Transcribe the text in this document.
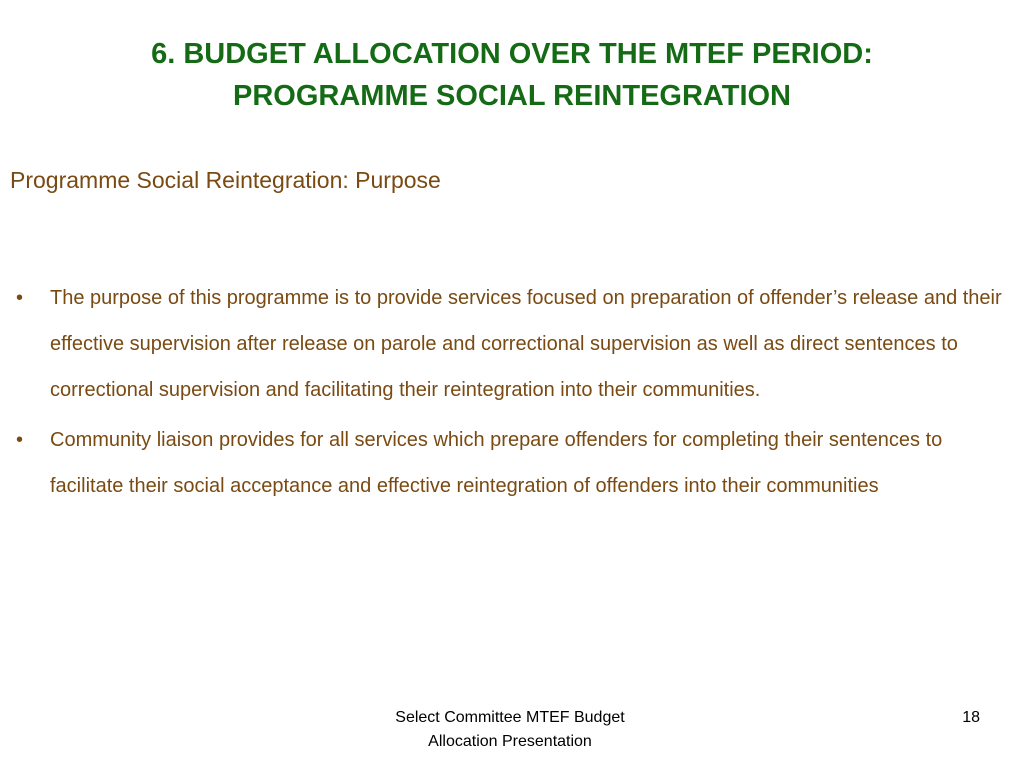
6. BUDGET ALLOCATION OVER THE MTEF PERIOD:
PROGRAMME SOCIAL REINTEGRATION

Programme Social Reintegration: Purpose

• The purpose of this programme is to provide services focused on preparation of offender’s release and their effective supervision after release on parole and correctional supervision as well as direct sentences to correctional supervision and facilitating their reintegration into their communities.
• Community liaison provides for all services which prepare offenders for completing their sentences to facilitate their social acceptance and effective reintegration of offenders into their communities

Select Committee MTEF Budget
Allocation Presentation

18
